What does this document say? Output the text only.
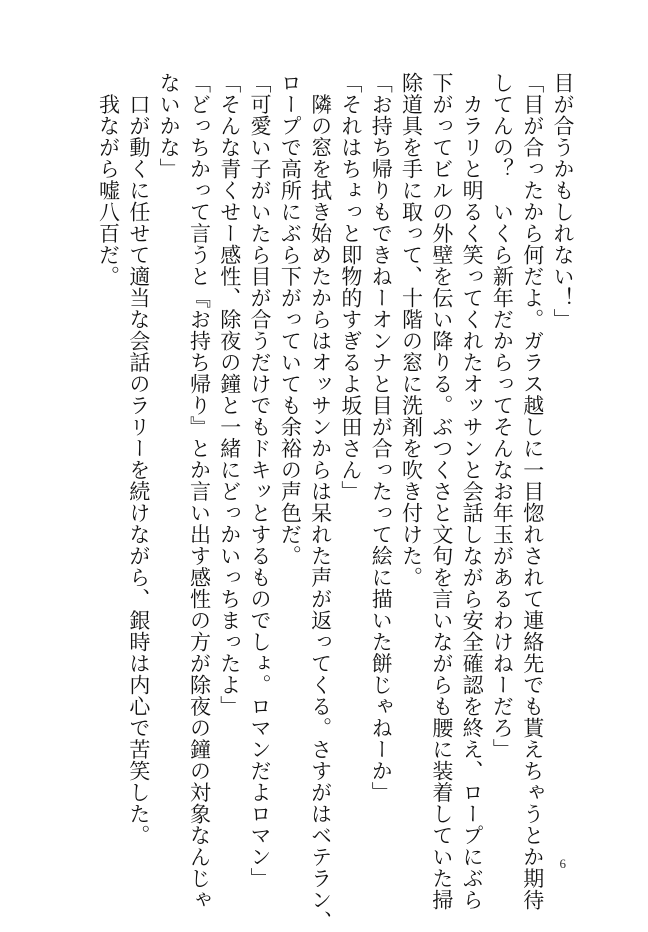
目が合うかもしれない！」
「目が合ったから何だよ。ガラス越しに一目惚れされて連絡先でも貰えちゃうとか期待
してんの？　いくら新年だからってそんなお年玉があるわけねーだろ」
　カラリと明るく笑ってくれたオッサンと会話しながら安全確認を終え、ロープにぶら
下がってビルの外壁を伝い降りる。ぶつくさと文句を言いながらも腰に装着していた掃
除道具を手に取って、十階の窓に洗剤を吹き付けた。
「お持ち帰りもできねーオンナと目が合ったって絵に描いた餅じゃねーか」
「それはちょっと即物的すぎるよ坂田さん」
　隣の窓を拭き始めたからはオッサンからは呆れた声が返ってくる。さすがはベテラン、
ロープで高所にぶら下がっていても余裕の声色だ。
「可愛い子がいたら目が合うだけでもドキッとするものでしょ。ロマンだよロマン」
「そんな青くせー感性、除夜の鐘と一緒にどっかいっちまったよ」
「どっちかって言うと『お持ち帰り』とか言い出す感性の方が除夜の鐘の対象なんじゃ
ないかな」
　口が動くに任せて適当な会話のラリーを続けながら、銀時は内心で苦笑した。
　我ながら嘘八百だ。
6
